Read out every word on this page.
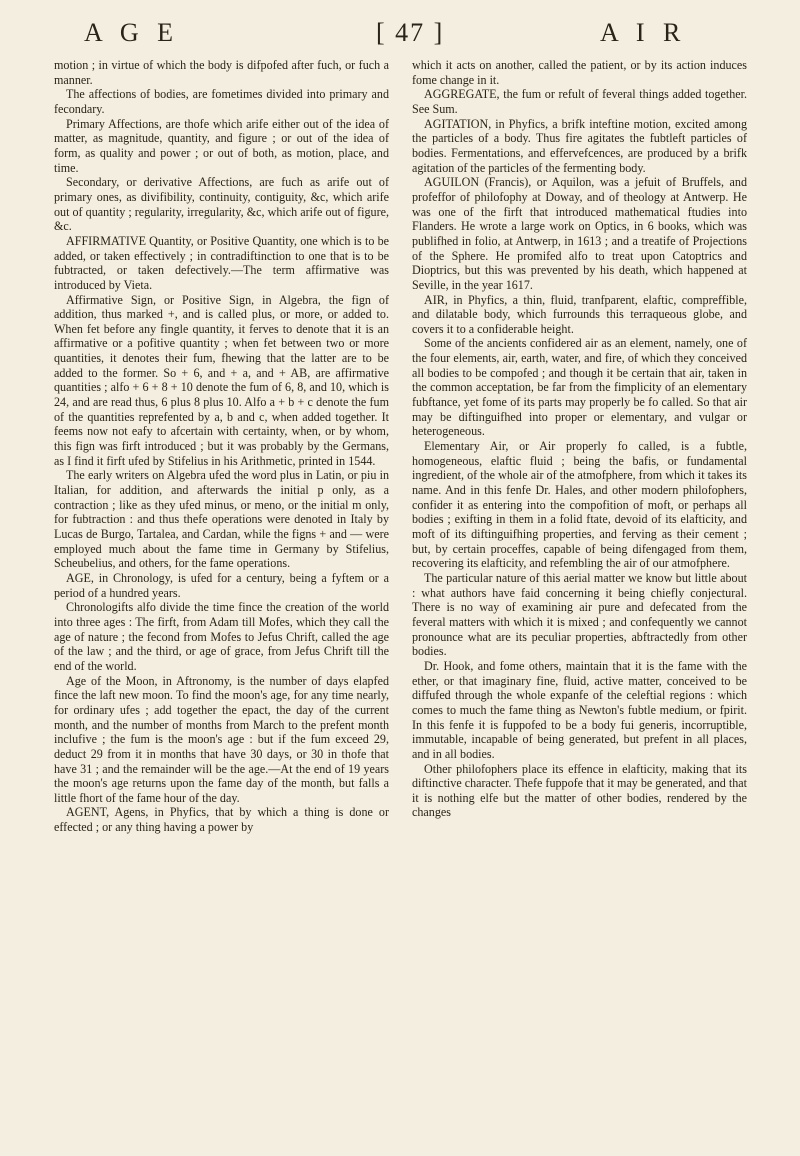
A G E	[ 47 ]	A I R

motion ; in virtue of which the body is difpofed after fuch, or fuch a manner.

The affections of bodies, are fometimes divided into primary and fecondary.

Primary Affections, are thofe which arife either out of the idea of matter, as magnitude, quantity, and figure ; or out of the idea of form, as quality and power ; or out of both, as motion, place, and time.

Secondary, or derivative Affections, are fuch as arife out of primary ones, as divifibility, continuity, contiguity, &c, which arife out of quantity ; regularity, irregularity, &c, which arife out of figure, &c.

AFFIRMATIVE Quantity, or Positive Quantity, one which is to be added, or taken effectively ; in contradiftinction to one that is to be fubtracted, or taken defectively.—The term affirmative was introduced by Vieta.

Affirmative Sign, or Positive Sign, in Algebra, the fign of addition, thus marked +, and is called plus, or more, or added to. When fet before any fingle quantity, it ferves to denote that it is an affirmative or a pofitive quantity ; when fet between two or more quantities, it denotes their fum, fhewing that the latter are to be added to the former. So + 6, and + a, and + AB, are affirmative quantities ; alfo + 6 + 8 + 10 denote the fum of 6, 8, and 10, which is 24, and are read thus, 6 plus 8 plus 10. Alfo a + b + c denote the fum of the quantities reprefented by a, b and c, when added together. It feems now not eafy to afcertain with certainty, when, or by whom, this fign was firft introduced ; but it was probably by the Germans, as I find it firft ufed by Stifelius in his Arithmetic, printed in 1544.

The early writers on Algebra ufed the word plus in Latin, or piu in Italian, for addition, and afterwards the initial p only, as a contraction ; like as they ufed minus, or meno, or the initial m only, for fubtraction : and thus thefe operations were denoted in Italy by Lucas de Burgo, Tartalea, and Cardan, while the figns + and — were employed much about the fame time in Germany by Stifelius, Scheubelius, and others, for the fame operations.

AGE, in Chronology, is ufed for a century, being a fyftem or a period of a hundred years.

Chronologifts alfo divide the time fince the creation of the world into three ages : The firft, from Adam till Mofes, which they call the age of nature ; the fecond from Mofes to Jefus Chrift, called the age of the law ; and the third, or age of grace, from Jefus Chrift till the end of the world.

Age of the Moon, in Aftronomy, is the number of days elapfed fince the laft new moon. To find the moon's age, for any time nearly, for ordinary ufes ; add together the epact, the day of the current month, and the number of months from March to the prefent month inclufive ; the fum is the moon's age : but if the fum exceed 29, deduct 29 from it in months that have 30 days, or 30 in thofe that have 31 ; and the remainder will be the age.—At the end of 19 years the moon's age returns upon the fame day of the month, but falls a little fhort of the fame hour of the day.

AGENT, Agens, in Phyfics, that by which a thing is done or effected ; or any thing having a power by

which it acts on another, called the patient, or by its action induces fome change in it.

AGGREGATE, the fum or refult of feveral things added together. See Sum.

AGITATION, in Phyfics, a brifk inteftine motion, excited among the particles of a body. Thus fire agitates the fubtleft particles of bodies. Fermentations, and effervefcences, are produced by a brifk agitation of the particles of the fermenting body.

AGUILON (Francis), or Aquilon, was a jefuit of Bruffels, and profeffor of philofophy at Doway, and of theology at Antwerp. He was one of the firft that introduced mathematical ftudies into Flanders. He wrote a large work on Optics, in 6 books, which was publifhed in folio, at Antwerp, in 1613 ; and a treatife of Projections of the Sphere. He promifed alfo to treat upon Catoptrics and Dioptrics, but this was prevented by his death, which happened at Seville, in the year 1617.

AIR, in Phyfics, a thin, fluid, tranfparent, elaftic, compreffible, and dilatable body, which furrounds this terraqueous globe, and covers it to a confiderable height.

Some of the ancients confidered air as an element, namely, one of the four elements, air, earth, water, and fire, of which they conceived all bodies to be compofed ; and though it be certain that air, taken in the common acceptation, be far from the fimplicity of an elementary fubftance, yet fome of its parts may properly be fo called. So that air may be diftinguifhed into proper or elementary, and vulgar or heterogeneous.

Elementary Air, or Air properly fo called, is a fubtle, homogeneous, elaftic fluid ; being the bafis, or fundamental ingredient, of the whole air of the atmofphere, from which it takes its name. And in this fenfe Dr. Hales, and other modern philofophers, confider it as entering into the compofition of moft, or perhaps all bodies ; exifting in them in a folid ftate, devoid of its elafticity, and moft of its diftinguifhing properties, and ferving as their cement ; but, by certain proceffes, capable of being difengaged from them, recovering its elafticity, and refembling the air of our atmofphere.

The particular nature of this aerial matter we know but little about : what authors have faid concerning it being chiefly conjectural. There is no way of examining air pure and defecated from the feveral matters with which it is mixed ; and confequently we cannot pronounce what are its peculiar properties, abftractedly from other bodies.

Dr. Hook, and fome others, maintain that it is the fame with the ether, or that imaginary fine, fluid, active matter, conceived to be diffufed through the whole expanfe of the celeftial regions : which comes to much the fame thing as Newton's fubtle medium, or fpirit. In this fenfe it is fuppofed to be a body fui generis, incorruptible, immutable, incapable of being generated, but prefent in all places, and in all bodies.

Other philofophers place its effence in elafticity, making that its diftinctive character. Thefe fuppofe that it may be generated, and that it is nothing elfe but the matter of other bodies, rendered by the changes
